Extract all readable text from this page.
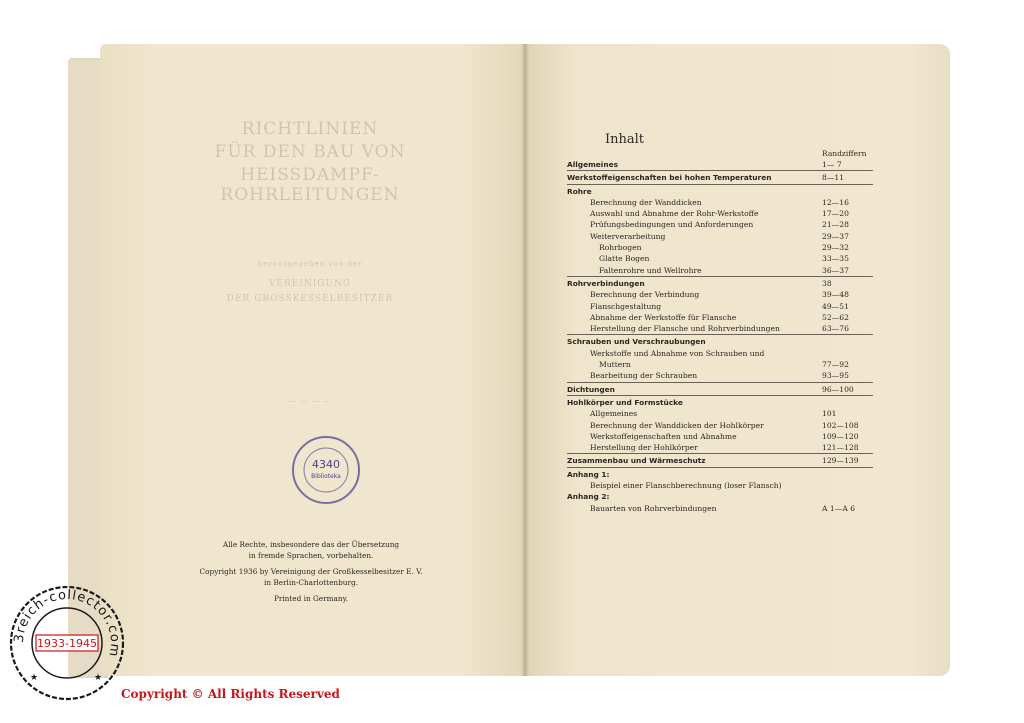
RICHTLINIEN
FÜR DEN BAU VON
HEISSDAMPF-ROHRLEITUNGEN
herausgegeben von der
VEREINIGUNG
DER GROSSKESSELBESITZER
— — — —
4340
Biblioteka
Alle Rechte, insbesondere das der Übersetzung
in fremde Sprachen, vorbehalten.
Copyright 1936 by Vereinigung der Großkesselbesitzer E. V.
in Berlin-Charlottenburg.
Printed in Germany.
Inhalt
Randziffern
Allgemeines	1— 7
Werkstoffeigenschaften bei hohen Temperaturen	8—11
Rohre
Berechnung der Wanddicken	12—16
Auswahl und Abnahme der Rohr-Werkstoffe	17—20
Prüfungsbedingungen und Anforderungen	21—28
Weiterverarbeitung	29—37
Rohrbogen	29—32
Glatte Bogen	33—35
Faltenrohre und Wellrohre	36—37
Rohrverbindungen	38
Berechnung der Verbindung	39—48
Flanschgestaltung	49—51
Abnahme der Werkstoffe für Flansche	52—62
Herstellung der Flansche und Rohrverbindungen	63—76
Schrauben und Verschraubungen
Werkstoffe und Abnahme von Schrauben und
Muttern	77—92
Bearbeitung der Schrauben	93—95
Dichtungen	96—100
Hohlkörper und Formstücke
Allgemeines	101
Berechnung der Wanddicken der Hohlkörper	102—108
Werkstoffeigenschaften und Abnahme	109—120
Herstellung der Hohlkörper	121—128
Zusammenbau und Wärmeschutz	129—139
Anhang 1:
Beispiel einer Flanschberechnung (loser Flansch)
Anhang 2:
Bauarten von Rohrverbindungen	A 1—A 6
3reich-collector.com
1933-1945
★	★
Copyright © All Rights Reserved
